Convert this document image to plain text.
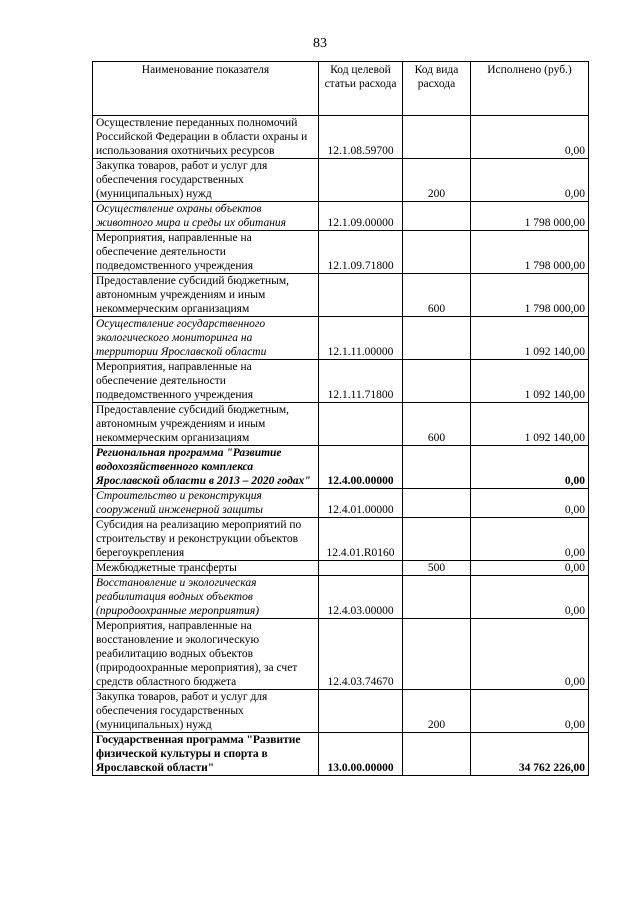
83
Наименование показателя	Код целевой статьи расхода	Код вида расхода	Исполнено (руб.)
Осуществление переданных полномочий Российской Федерации в области охраны и использования охотничьих ресурсов	12.1.08.59700		0,00
Закупка товаров, работ и услуг для обеспечения государственных (муниципальных) нужд		200	0,00
Осуществление охраны объектов животного мира и среды их обитания	12.1.09.00000		1 798 000,00
Мероприятия, направленные на обеспечение деятельности подведомственного учреждения	12.1.09.71800		1 798 000,00
Предоставление субсидий бюджетным, автономным учреждениям и иным некоммерческим организациям		600	1 798 000,00
Осуществление государственного экологического мониторинга на территории Ярославской области	12.1.11.00000		1 092 140,00
Мероприятия, направленные на обеспечение деятельности подведомственного учреждения	12.1.11.71800		1 092 140,00
Предоставление субсидий бюджетным, автономным учреждениям и иным некоммерческим организациям		600	1 092 140,00
Региональная программа "Развитие водохозяйственного комплекса Ярославской области в 2013 – 2020 годах"	12.4.00.00000		0,00
Строительство и реконструкция сооружений инженерной защиты	12.4.01.00000		0,00
Субсидия на реализацию мероприятий по строительству и реконструкции объектов берегоукрепления	12.4.01.R0160		0,00
Межбюджетные трансферты		500	0,00
Восстановление и экологическая реабилитация водных объектов (природоохранные мероприятия)	12.4.03.00000		0,00
Мероприятия, направленные на восстановление и экологическую реабилитацию водных объектов (природоохранные мероприятия), за счет средств областного бюджета	12.4.03.74670		0,00
Закупка товаров, работ и услуг для обеспечения государственных (муниципальных) нужд		200	0,00
Государственная программа "Развитие физической культуры и спорта в Ярославской области"	13.0.00.00000		34 762 226,00
